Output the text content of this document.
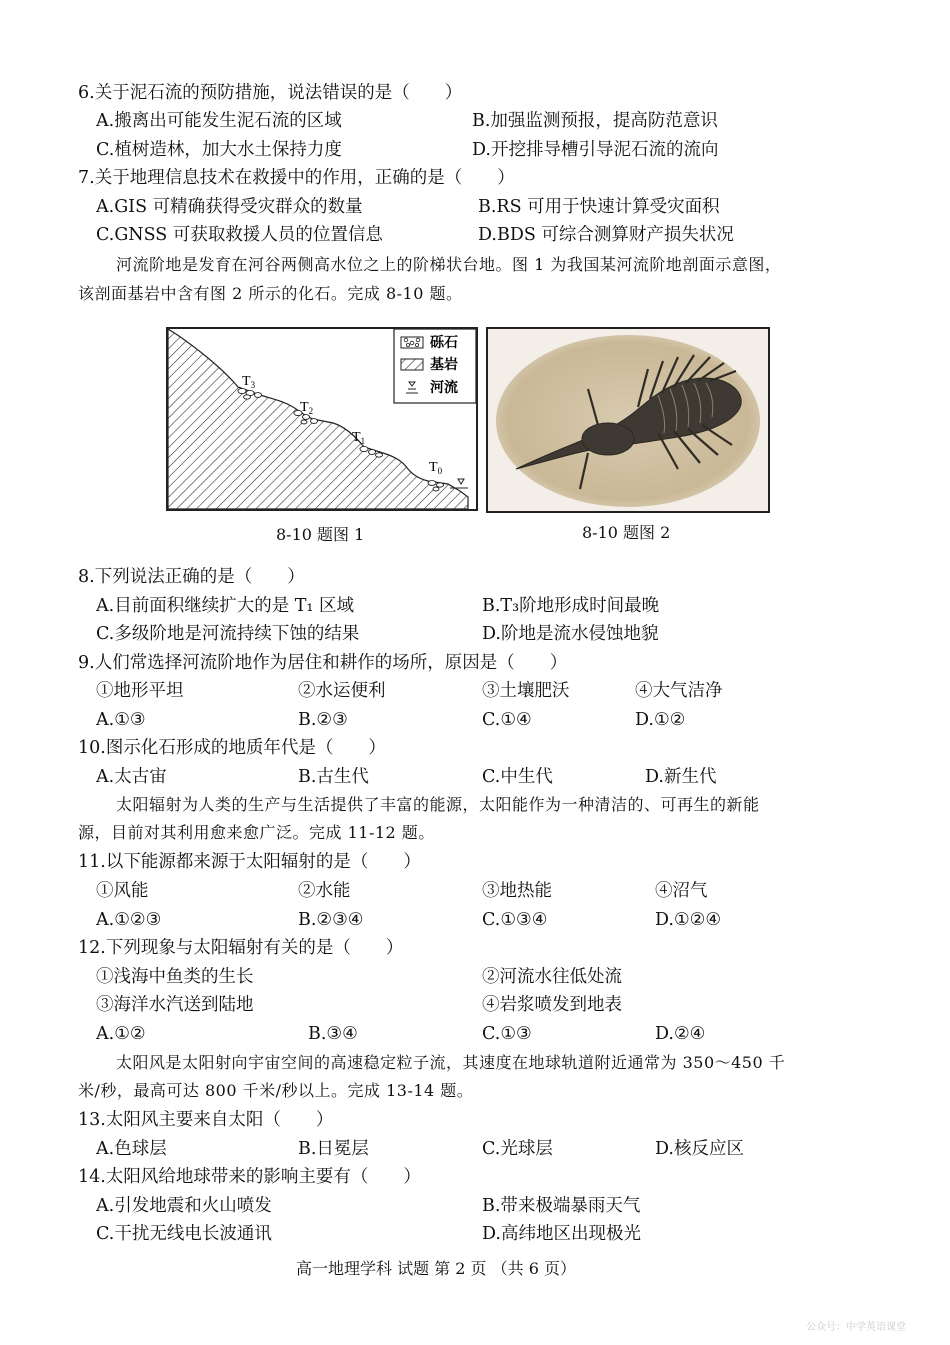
6.关于泥石流的预防措施，说法错误的是（　　）
A.搬离出可能发生泥石流的区域	B.加强监测预报，提高防范意识
C.植树造林，加大水土保持力度	D.开挖排导槽引导泥石流的流向
7.关于地理信息技术在救援中的作用，正确的是（　　）
A.GIS 可精确获得受灾群众的数量	B.RS 可用于快速计算受灾面积
C.GNSS 可获取救援人员的位置信息	D.BDS 可综合测算财产损失状况
河流阶地是发育在河谷两侧高水位之上的阶梯状台地。图 1 为我国某河流阶地剖面示意图，
该剖面基岩中含有图 2 所示的化石。完成 8-10 题。
$T_3$
$T_2$
$T_1$
$T_0$
砾石
基岩
河流
8-10 题图 1	8-10 题图 2
8.下列说法正确的是（　　）
A.目前面积继续扩大的是 T₁ 区域	B.T₃阶地形成时间最晚
C.多级阶地是河流持续下蚀的结果	D.阶地是流水侵蚀地貌
9.人们常选择河流阶地作为居住和耕作的场所，原因是（　　）
①地形平坦	②水运便利	③土壤肥沃	④大气洁净
A.①③	B.②③	C.①④	D.①②
10.图示化石形成的地质年代是（　　）
A.太古宙	B.古生代	C.中生代	D.新生代
太阳辐射为人类的生产与生活提供了丰富的能源，太阳能作为一种清洁的、可再生的新能
源，目前对其利用愈来愈广泛。完成 11-12 题。
11.以下能源都来源于太阳辐射的是（　　）
①风能	②水能	③地热能	④沼气
A.①②③	B.②③④	C.①③④	D.①②④
12.下列现象与太阳辐射有关的是（　　）
①浅海中鱼类的生长	②河流水往低处流
③海洋水汽送到陆地	④岩浆喷发到地表
A.①②	B.③④	C.①③	D.②④
太阳风是太阳射向宇宙空间的高速稳定粒子流，其速度在地球轨道附近通常为 350～450 千
米/秒，最高可达 800 千米/秒以上。完成 13-14 题。
13.太阳风主要来自太阳（　　）
A.色球层	B.日冕层	C.光球层	D.核反应区
14.太阳风给地球带来的影响主要有（　　）
A.引发地震和火山喷发	B.带来极端暴雨天气
C.干扰无线电长波通讯	D.高纬地区出现极光
高一地理学科 试题 第 2 页 （共 6 页）
公众号：中学英语课堂
